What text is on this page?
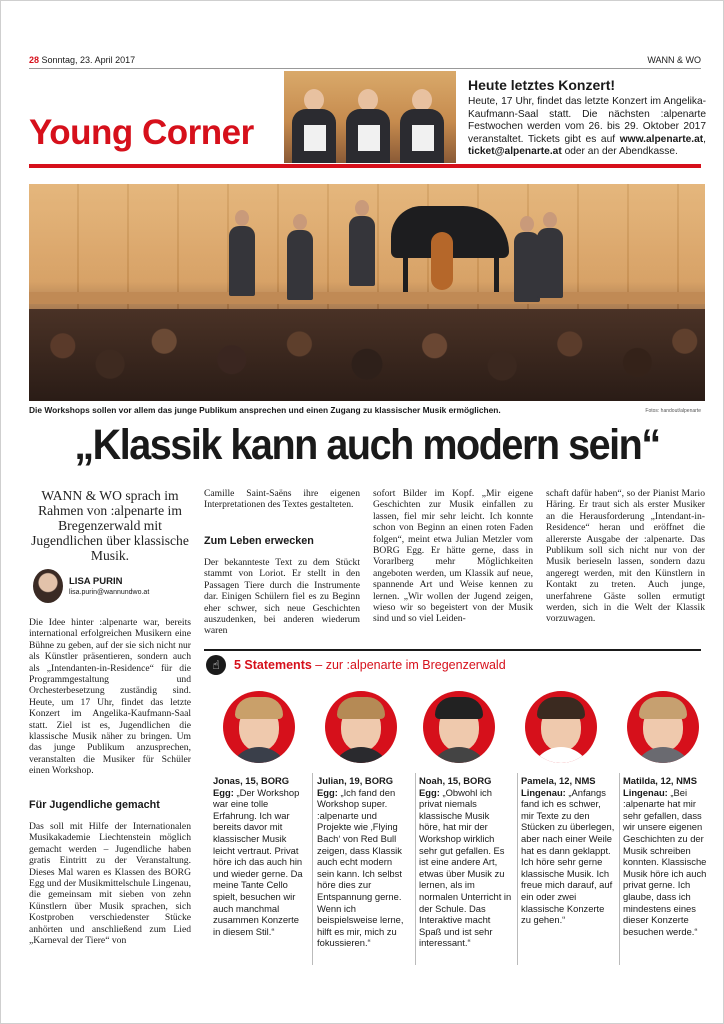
28 Sonntag, 23. April 2017	WANN & WO
Young Corner
Heute letztes Konzert!
Heute, 17 Uhr, findet das letzte Konzert im Angelika-Kaufmann-Saal statt. Die nächsten :alpenarte Festwochen werden vom 26. bis 29. Oktober 2017 veranstaltet. Tickets gibt es auf www.alpenarte.at, ticket@alpenarte.at oder an der Abendkasse.
Die Workshops sollen vor allem das junge Publikum ansprechen und einen Zugang zu klassischer Musik ermöglichen.	Fotos: handout/alpenarte
„Klassik kann auch modern sein“
WANN & WO sprach im Rahmen von :alpenarte im Bregenzerwald mit Jugendlichen über klassische Musik.
LISA PURIN
lisa.purin@wannundwo.at
Die Idee hinter :alpenarte war, bereits international erfolgreichen Musikern eine Bühne zu geben, auf der sie sich nicht nur als Künstler präsentieren, sondern auch als „Intendanten-in-Residence“ für die Programmgestaltung und Orchesterbesetzung zuständig sind. Heute, um 17 Uhr, findet das letzte Konzert im Angelika-Kaufmann-Saal statt. Ziel ist es, Jugendlichen die klassische Musik näher zu bringen. Um das junge Publikum anzusprechen, veranstalten die Musiker für Schüler einen Workshop.
Für Jugendliche gemacht
Das soll mit Hilfe der Internationalen Musikakademie Liechtenstein möglich gemacht werden – Jugendliche haben gratis Eintritt zu der Veranstaltung. Dieses Mal waren es Klassen des BORG Egg und der Musikmittelschule Lingenau, die gemeinsam mit sieben von zehn Künstlern über Musik sprachen, sich Kostproben verschiedenster Stücke anhörten und anschließend zum Lied „Karneval der Tiere“ von
Camille Saint-Saëns ihre eigenen Interpretationen des Textes gestalteten.
Zum Leben erwecken
Der bekannteste Text zu dem Stückt stammt von Loriot. Er stellt in den Passagen Tiere durch die Instrumente dar. Einigen Schülern fiel es zu Beginn eher schwer, sich neue Geschichten auszudenken, bei anderen wiederum waren
sofort Bilder im Kopf. „Mir eigene Geschichten zur Musik einfallen zu lassen, fiel mir sehr leicht. Ich konnte schon von Beginn an einen roten Faden folgen“, meint etwa Julian Metzler vom BORG Egg. Er hätte gerne, dass in Vorarlberg mehr Möglichkeiten angeboten werden, um Klassik auf neue, spannende Art und Weise kennen zu lernen. „Wir wollen der Jugend zeigen, wieso wir so begeistert von der Musik sind und so viel Leiden-
schaft dafür haben“, so der Pianist Mario Häring. Er traut sich als erster Musiker an die Herausforderung „Intendant-in-Residence“ heran und eröffnet die allererste Ausgabe der :alpenarte. Das Publikum soll sich nicht nur von der Musik berieseln lassen, sondern dazu angeregt werden, mit den Künstlern in Kontakt zu treten. Auch junge, unerfahrene Gäste sollen ermutigt werden, sich in die Welt der Klassik vorzuwagen.
☝	5 Statements – zur :alpenarte im Bregenzerwald
Jonas, 15, BORG Egg: „Der Workshop war eine tolle Erfahrung. Ich war bereits davor mit klassischer Musik leicht vertraut. Privat höre ich das auch hin und wieder gerne. Da meine Tante Cello spielt, besuchen wir auch manchmal zusammen Konzerte in diesem Stil.“
Julian, 19, BORG Egg: „Ich fand den Workshop super. :alpenarte und Projekte wie ‚Flying Bach‘ von Red Bull zeigen, dass Klassik auch echt modern sein kann. Ich selbst höre dies zur Entspannung gerne. Wenn ich beispielsweise lerne, hilft es mir, mich zu fokussieren.“
Noah, 15, BORG Egg: „Obwohl ich privat niemals klassische Musik höre, hat mir der Workshop wirklich sehr gut gefallen. Es ist eine andere Art, etwas über Musik zu lernen, als im normalen Unterricht in der Schule. Das Interaktive macht Spaß und ist sehr interessant.“
Pamela, 12, NMS Lingenau: „Anfangs fand ich es schwer, mir Texte zu den Stücken zu überlegen, aber nach einer Weile hat es dann geklappt. Ich höre sehr gerne klassische Musik. Ich freue mich darauf, auf ein oder zwei klassische Konzerte zu gehen.“
Matilda, 12, NMS Lingenau: „Bei :alpenarte hat mir sehr gefallen, dass wir unsere eigenen Geschichten zu der Musik schreiben konnten. Klassische Musik höre ich auch privat gerne. Ich glaube, dass ich mindestens eines dieser Konzerte besuchen werde.“
